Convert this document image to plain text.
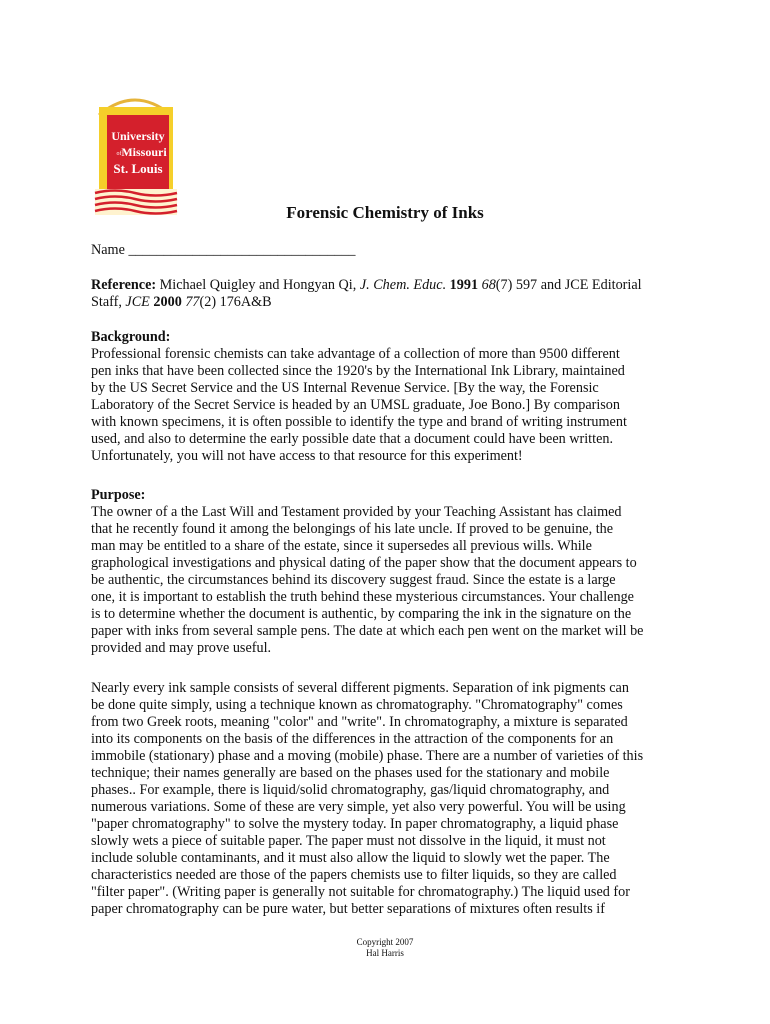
University
of Missouri
St. Louis
Forensic Chemistry of Inks

Name ________________________________

Reference: Michael Quigley and Hongyan Qi, J. Chem. Educ. 1991 68(7) 597 and JCE Editorial
Staff, JCE 2000 77(2) 176A&B

Background:
Professional forensic chemists can take advantage of a collection of more than 9500 different
pen inks that have been collected since the 1920's by the International Ink Library, maintained
by the US Secret Service and the US Internal Revenue Service. [By the way, the Forensic
Laboratory of the Secret Service is headed by an UMSL graduate, Joe Bono.] By comparison
with known specimens, it is often possible to identify the type and brand of writing instrument
used, and also to determine the early possible date that a document could have been written.
Unfortunately, you will not have access to that resource for this experiment!
Purpose:
The owner of a the Last Will and Testament provided by your Teaching Assistant has claimed
that he recently found it among the belongings of his late uncle. If proved to be genuine, the
man may be entitled to a share of the estate, since it supersedes all previous wills. While
graphological investigations and physical dating of the paper show that the document appears to
be authentic, the circumstances behind its discovery suggest fraud. Since the estate is a large
one, it is important to establish the truth behind these mysterious circumstances. Your challenge
is to determine whether the document is authentic, by comparing the ink in the signature on the
paper with inks from several sample pens. The date at which each pen went on the market will be
provided and may prove useful.
Nearly every ink sample consists of several different pigments. Separation of ink pigments can
be done quite simply, using a technique known as chromatography. "Chromatography" comes
from two Greek roots, meaning "color" and "write". In chromatography, a mixture is separated
into its components on the basis of the differences in the attraction of the components for an
immobile (stationary) phase and a moving (mobile) phase. There are a number of varieties of this
technique; their names generally are based on the phases used for the stationary and mobile
phases.. For example, there is liquid/solid chromatography, gas/liquid chromatography, and
numerous variations. Some of these are very simple, yet also very powerful. You will be using
"paper chromatography" to solve the mystery today. In paper chromatography, a liquid phase
slowly wets a piece of suitable paper. The paper must not dissolve in the liquid, it must not
include soluble contaminants, and it must also allow the liquid to slowly wet the paper. The
characteristics needed are those of the papers chemists use to filter liquids, so they are called
"filter paper". (Writing paper is generally not suitable for chromatography.) The liquid used for
paper chromatography can be pure water, but better separations of mixtures often results if
Copyright 2007
Hal Harris
